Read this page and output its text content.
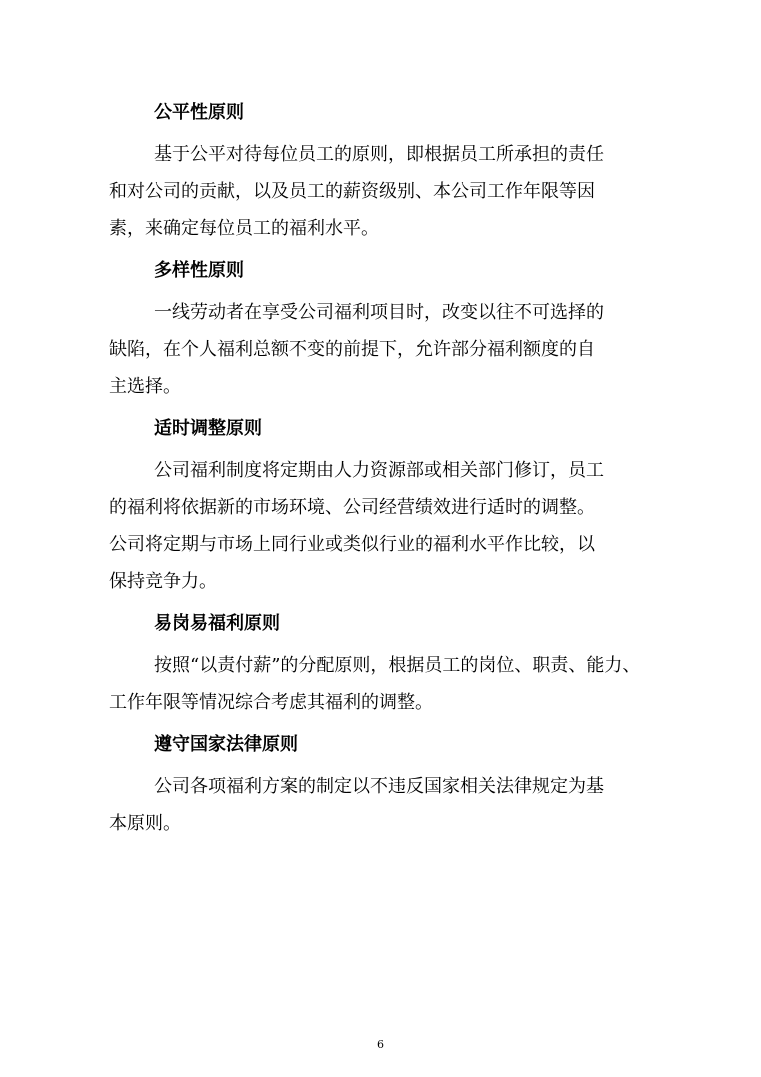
公平性原则

基于公平对待每位员工的原则，即根据员工所承担的责任

和对公司的贡献，以及员工的薪资级别、本公司工作年限等因

素，来确定每位员工的福利水平。

多样性原则

一线劳动者在享受公司福利项目时，改变以往不可选择的

缺陷，在个人福利总额不变的前提下，允许部分福利额度的自

主选择。

适时调整原则

公司福利制度将定期由人力资源部或相关部门修订，员工

的福利将依据新的市场环境、公司经营绩效进行适时的调整。

公司将定期与市场上同行业或类似行业的福利水平作比较，以

保持竞争力。

易岗易福利原则

按照“以责付薪”的分配原则，根据员工的岗位、职责、能力、

工作年限等情况综合考虑其福利的调整。

遵守国家法律原则

公司各项福利方案的制定以不违反国家相关法律规定为基

本原则。

6
